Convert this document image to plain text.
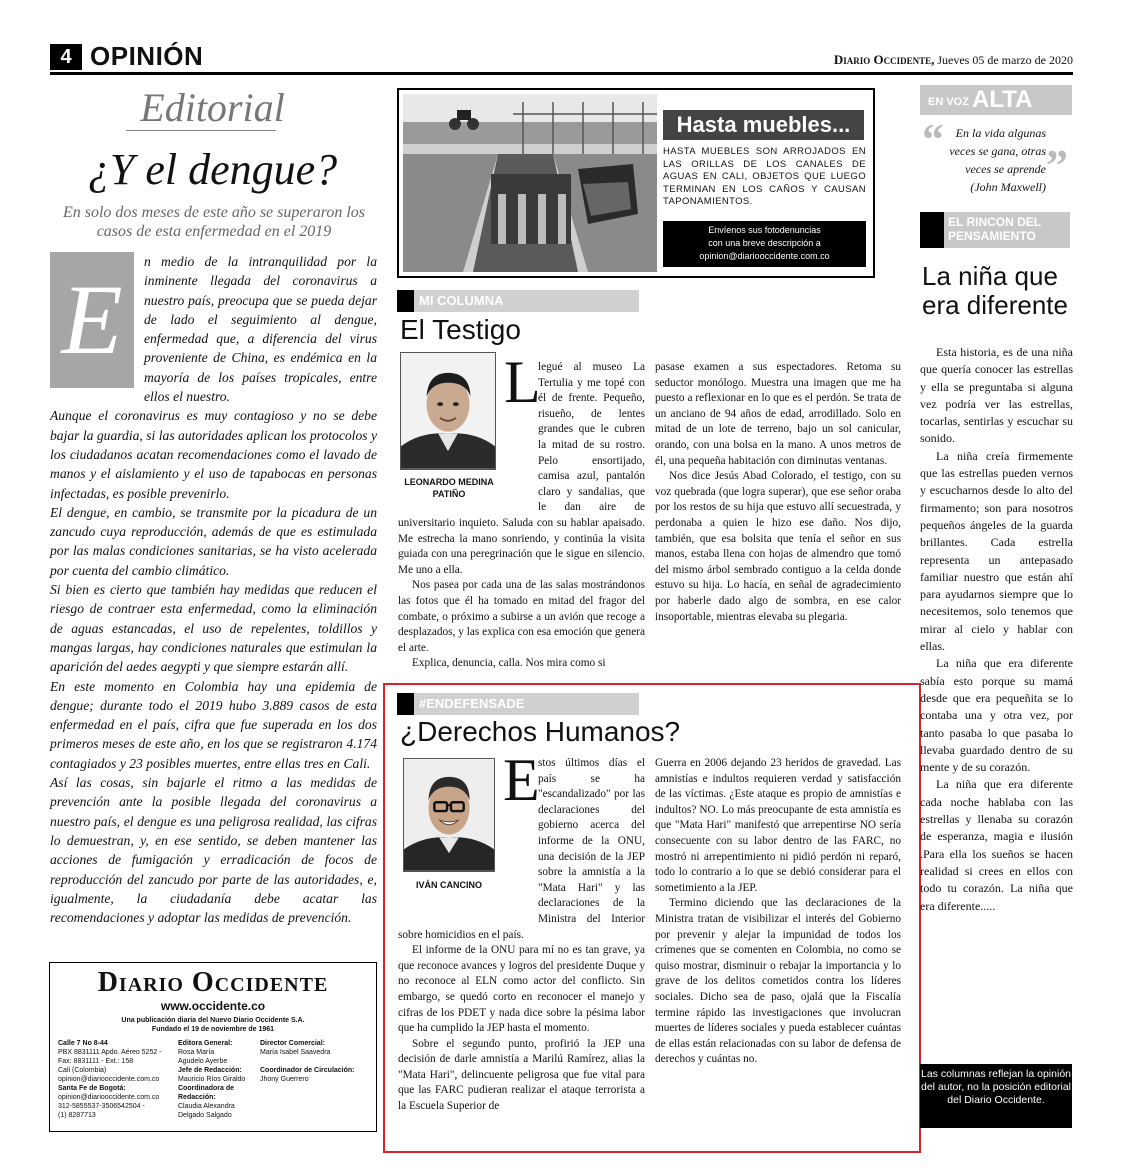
4 OPINIÓN	Diario Occidente, Jueves 05 de marzo de 2020
Editorial
¿Y el dengue?
En solo dos meses de este año se superaron los casos de esta enfermedad en el 2019
E

n medio de la intranquilidad por la inminente llegada del coronavirus a nuestro país, preocupa que se pueda dejar de lado el seguimiento al dengue, enfermedad que, a diferencia del virus proveniente de China, es endémica en la mayoría de los países tropicales, entre ellos el nuestro.

Aunque el coronavirus es muy contagioso y no se debe bajar la guardia, si las autoridades aplican los protocolos y los ciudadanos acatan recomendaciones como el lavado de manos y el aislamiento y el uso de tapabocas en personas infectadas, es posible prevenirlo.

El dengue, en cambio, se transmite por la picadura de un zancudo cuya reproducción, además de que es estimulada por las malas condiciones sanitarias, se ha visto acelerada por cuenta del cambio climático.

Si bien es cierto que también hay medidas que reducen el riesgo de contraer esta enfermedad, como la eliminación de aguas estancadas, el uso de repelentes, toldillos y mangas largas, hay condiciones naturales que estimulan la aparición del aedes aegypti y que siempre estarán allí.

En este momento en Colombia hay una epidemia de dengue; durante todo el 2019 hubo 3.889 casos de esta enfermedad en el país, cifra que fue superada en los dos primeros meses de este año, en los que se registraron 4.174 contagiados y 23 posibles muertes, entre ellas tres en Cali.

Así las cosas, sin bajarle el ritmo a las medidas de prevención ante la posible llegada del coronavirus a nuestro país, el dengue es una peligrosa realidad, las cifras lo demuestran, y, en ese sentido, se deben mantener las acciones de fumigación y erradicación de focos de reproducción del zancudo por parte de las autoridades, e, igualmente, la ciudadanía debe acatar las recomendaciones y adoptar las medidas de prevención.

Diario Occidente
www.occidente.co
Una publicación diaria del Nuevo Diario Occidente S.A.
Fundado el 19 de noviembre de 1961
Calle 7 No 8-44
PBX 8831111 Apdo. Aéreo 5252 -
Fax: 8831111 - Ext.: 158
Cali (Colombia)
opinion@diariooccidente.com.co
Santa Fe de Bogotá:
opinion@diariooccidente.com.co
312-5855537-3506542504 -
(1) 8287713
Editora General:
Rosa María
Agudelo Ayerbe
Jefe de Redacción:
Mauricio Ríos Giraldo
Coordinadora de Redacción:
Claudia Alexandra
Delgado Salgado
Director Comercial:
María Isabel Saavedra
Coordinador de Circulación:
Jhony Guerrero
Hasta muebles...
HASTA MUEBLES SON ARROJADOS EN LAS ORILLAS DE LOS CANALES DE AGUAS EN CALI, OBJETOS QUE LUEGO TERMINAN EN LOS CAÑOS Y CAUSAN TAPONAMIENTOS.
Envíenos sus fotodenuncias
con una breve descripción a
opinion@diariooccidente.com.co
MI COLUMNA
El Testigo
LEONARDO MEDINA PATIÑO
L

legué al museo La Tertulia y me topé con él de frente. Pequeño, risueño, de lentes grandes que le cubren la mitad de su rostro. Pelo ensortijado, camisa azul, pantalón claro y sandalias, que le dan aire de universitario inquieto. Saluda con su hablar apaisado. Me estrecha la mano sonriendo, y continúa la visita guiada con una peregrinación que le sigue en silencio. Me uno a ella.

Nos pasea por cada una de las salas mostrándonos las fotos que él ha tomado en mitad del fragor del combate, o próximo a subirse a un avión que recoge a desplazados, y las explica con esa emoción que genera el arte.

Explica, denuncia, calla. Nos mira como si

pasase examen a sus espectadores. Retoma su seductor monólogo. Muestra una imagen que me ha puesto a reflexionar en lo que es el perdón. Se trata de un anciano de 94 años de edad, arrodillado. Solo en mitad de un lote de terreno, bajo un sol canicular, orando, con una bolsa en la mano. A unos metros de él, una pequeña habitación con diminutas ventanas.

Nos dice Jesús Abad Colorado, el testigo, con su voz quebrada (que logra superar), que ese señor oraba por los restos de su hija que estuvo allí secuestrada, y perdonaba a quien le hizo ese daño. Nos dijo, también, que esa bolsita que tenía el señor en sus manos, estaba llena con hojas de almendro que tomó del mismo árbol sembrado contiguo a la celda donde estuvo su hija. Lo hacía, en señal de agradecimiento por haberle dado algo de sombra, en ese calor insoportable, mientras elevaba su plegaria.

#ENDEFENSADE
¿Derechos Humanos?
IVÁN CANCINO
E

stos últimos días el país se ha "escandalizado" por las declaraciones del gobierno acerca del informe de la ONU, una decisión de la JEP sobre la amnistía a la "Mata Hari" y las declaraciones de la Ministra del Interior sobre homicidios en el país.

El informe de la ONU para mí no es tan grave, ya que reconoce avances y logros del presidente Duque y no reconoce al ELN como actor del conflicto. Sin embargo, se quedó corto en reconocer el manejo y cifras de los PDET y nada dice sobre la pésima labor que ha cumplido la JEP hasta el momento.

Sobre el segundo punto, profirió la JEP una decisión de darle amnistía a Marilú Ramírez, alias la "Mata Hari", delincuente peligrosa que fue vital para que las FARC pudieran realizar el ataque terrorista a la Escuela Superior de

Guerra en 2006 dejando 23 heridos de gravedad. Las amnistías e indultos requieren verdad y satisfacción de las víctimas. ¿Este ataque es propio de amnistías e indultos? NO. Lo más preocupante de esta amnistía es que "Mata Hari" manifestó que arrepentirse NO sería consecuente con su labor dentro de las FARC, no mostró ni arrepentimiento ni pidió perdón ni reparó, todo lo contrario a lo que se debió considerar para el sometimiento a la JEP.

Termino diciendo que las declaraciones de la Ministra tratan de visibilizar el interés del Gobierno por prevenir y alejar la impunidad de todos los crímenes que se comenten en Colombia, no como se quiso mostrar, disminuir o rebajar la importancia y lo grave de los delitos cometidos contra los líderes sociales. Dicho sea de paso, ojalá que la Fiscalía termine rápido las investigaciones que involucran muertes de líderes sociales y pueda establecer cuántas de ellas están relacionadas con su labor de defensa de derechos y cuántas no.

EN VOZ ALTA
“ En la vida algunas veces se gana, otras veces se aprende
(John Maxwell) ”
EL RINCON DEL PENSAMIENTO
La niña que era diferente

Esta historia, es de una niña que quería conocer las estrellas y ella se preguntaba si alguna vez podría ver las estrellas, tocarlas, sentirlas y escuchar su sonido.

La niña creía firmemente que las estrellas pueden vernos y escucharnos desde lo alto del firmamento; son para nosotros pequeños ángeles de la guarda brillantes. Cada estrella representa un antepasado familiar nuestro que están ahí para ayudarnos siempre que lo necesitemos, solo tenemos que mirar al cielo y hablar con ellas.

La niña que era diferente sabía esto porque su mamá desde que era pequeñita se lo contaba una y otra vez, por tanto pasaba lo que pasaba lo llevaba guardado dentro de su mente y de su corazón.

La niña que era diferente cada noche hablaba con las estrellas y llenaba su corazón de esperanza, magia e ilusión .Para ella los sueños se hacen realidad si crees en ellos con todo tu corazón. La niña que era diferente.....

Las columnas reflejan la opinión del autor, no la posición editorial del Diario Occidente.
